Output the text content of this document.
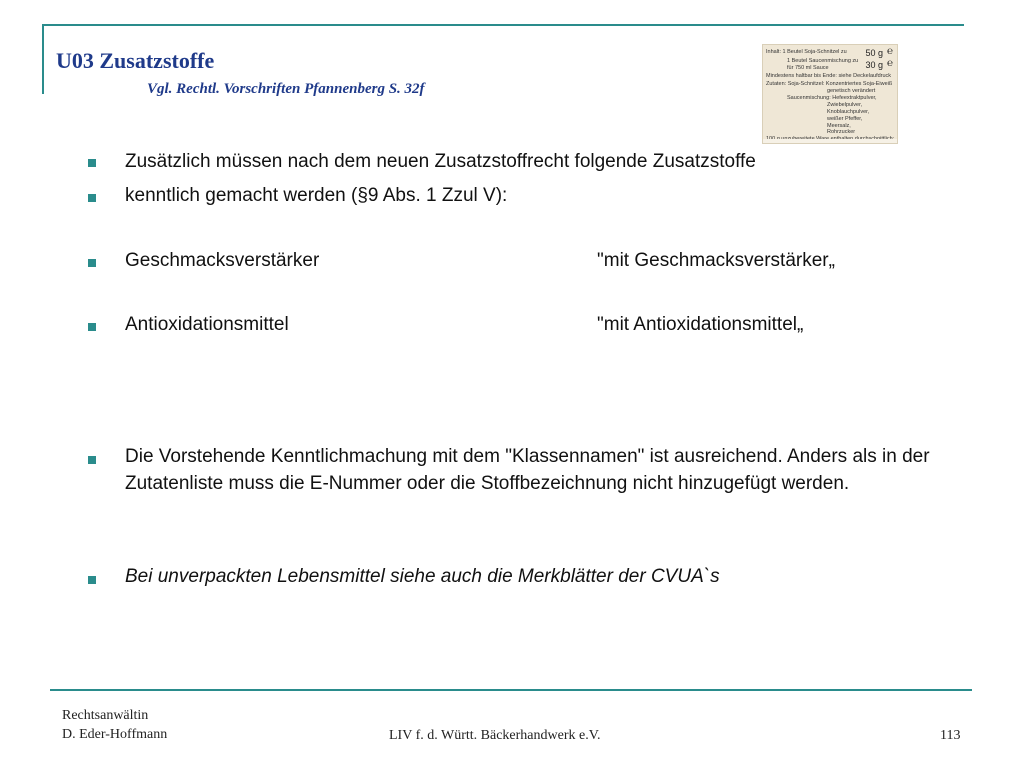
U03 Zusatzstoffe
Vgl. Rechtl. Vorschriften Pfannenberg S. 32f
Inhalt: 1 Beutel Soja-Schnitzel zu
1 Beutel Saucenmischung zu
für 750 ml Sauce
50 g ℮
30 g ℮
Mindestens haltbar bis Ende: siehe Deckelaufdruck
Zutaten: Soja-Schnitzel: Konzentriertes Soja-Eiweiß
genetisch verändert
Saucenmischung: Hefeextraktpulver,
Zwiebelpulver,
Knoblauchpulver,
weißer Pfeffer,
Meersalz,
Rohrzucker
Zusätzlich müssen nach dem neuen Zusatzstoffrecht folgende Zusatzstoffe
kenntlich gemacht werden (§9 Abs. 1 Zzul V):
Geschmacksverstärker	"mit Geschmacksverstärker„
Antioxidationsmittel	"mit Antioxidationsmittel„
Die Vorstehende Kenntlichmachung mit dem "Klassennamen" ist ausreichend. Anders als in der Zutatenliste muss die E-Nummer oder die Stoffbezeichnung nicht hinzugefügt werden.
Bei unverpackten Lebensmittel siehe auch die Merkblätter der CVUA`s
Rechtsanwältin
D. Eder-Hoffmann	LIV f. d. Württ. Bäckerhandwerk e.V.	113
